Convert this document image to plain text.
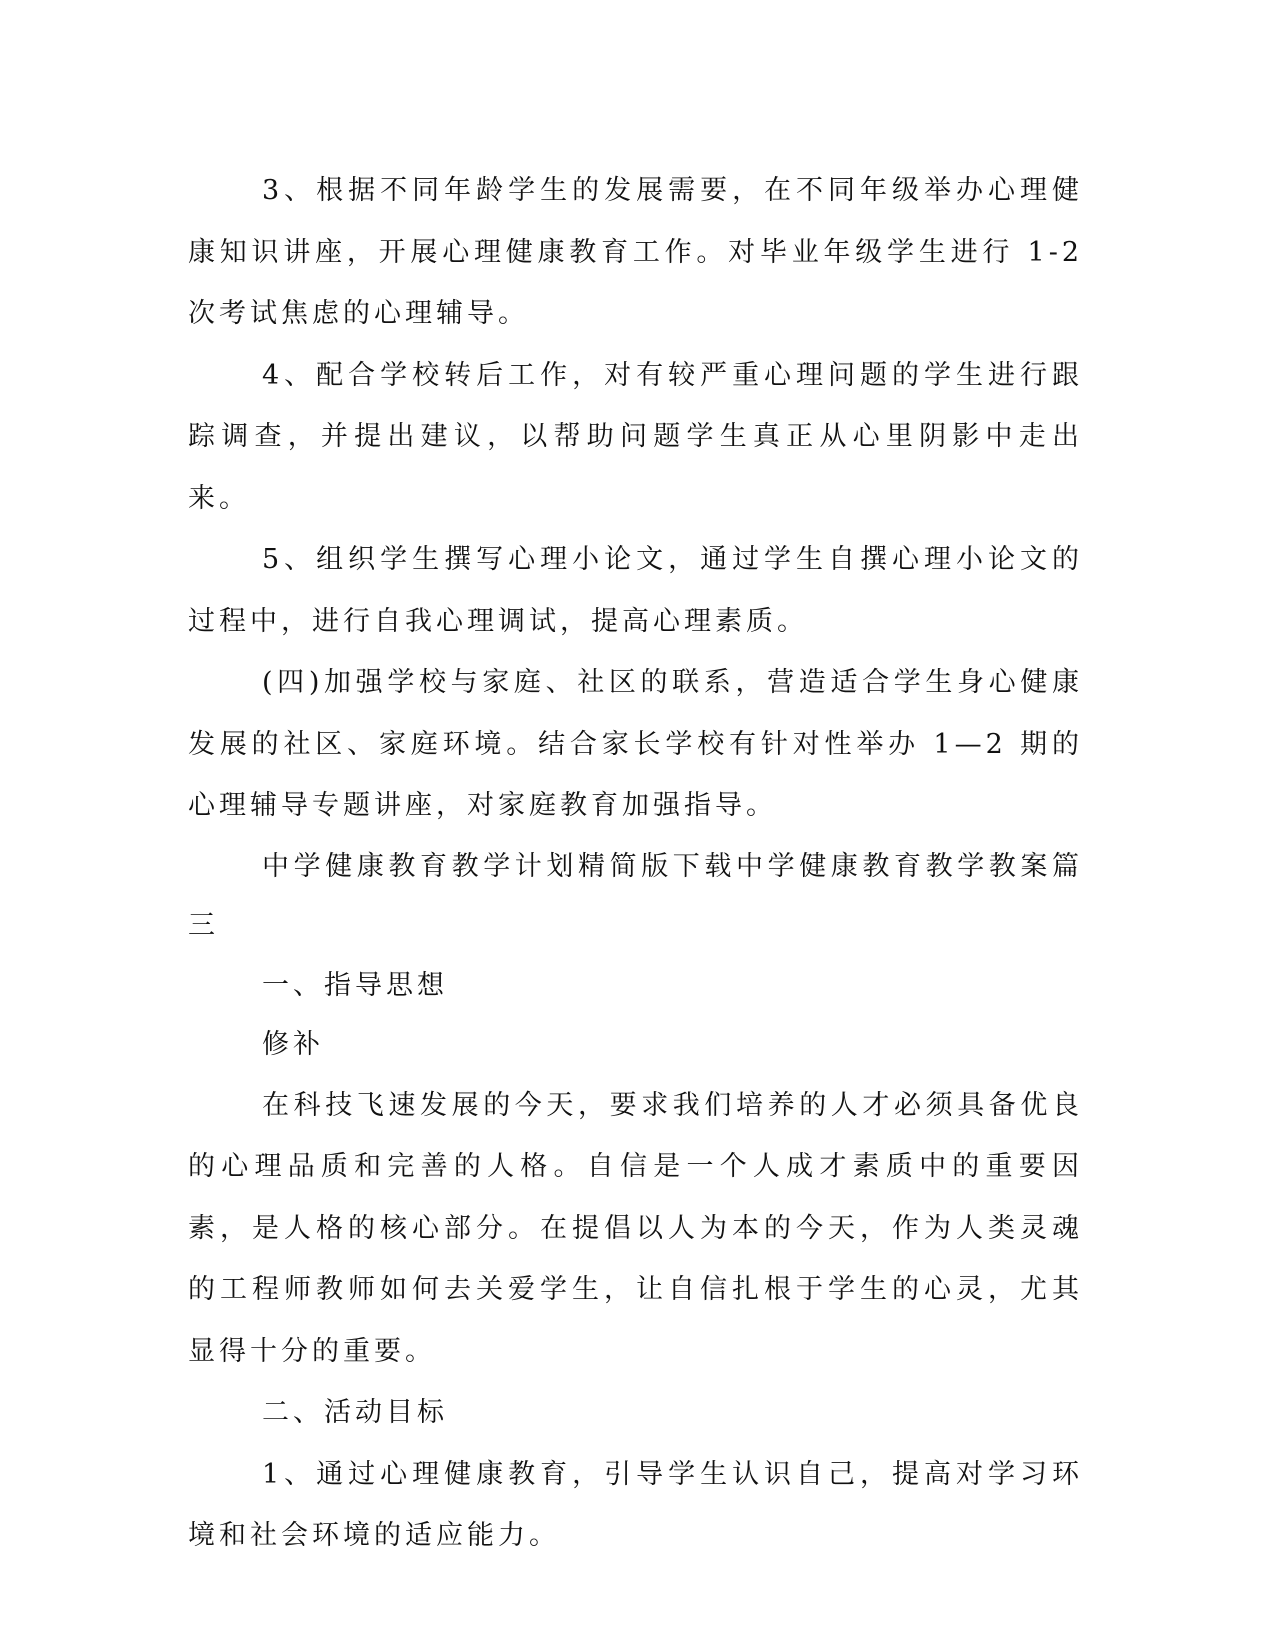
3、根据不同年龄学生的发展需要，在不同年级举办心理健康知识讲座，开展心理健康教育工作。对毕业年级学生进行 1-2 次考试焦虑的心理辅导。

4、配合学校转后工作，对有较严重心理问题的学生进行跟踪调查，并提出建议，以帮助问题学生真正从心里阴影中走出来。

5、组织学生撰写心理小论文，通过学生自撰心理小论文的过程中，进行自我心理调试，提高心理素质。

(四)加强学校与家庭、社区的联系，营造适合学生身心健康发展的社区、家庭环境。结合家长学校有针对性举办 1—2 期的心理辅导专题讲座，对家庭教育加强指导。

中学健康教育教学计划精简版下载中学健康教育教学教案篇三

一、指导思想

修补

在科技飞速发展的今天，要求我们培养的人才必须具备优良的心理品质和完善的人格。自信是一个人成才素质中的重要因素，是人格的核心部分。在提倡以人为本的今天，作为人类灵魂的工程师教师如何去关爱学生，让自信扎根于学生的心灵，尤其显得十分的重要。

二、活动目标

1、通过心理健康教育，引导学生认识自己，提高对学习环境和社会环境的适应能力。
